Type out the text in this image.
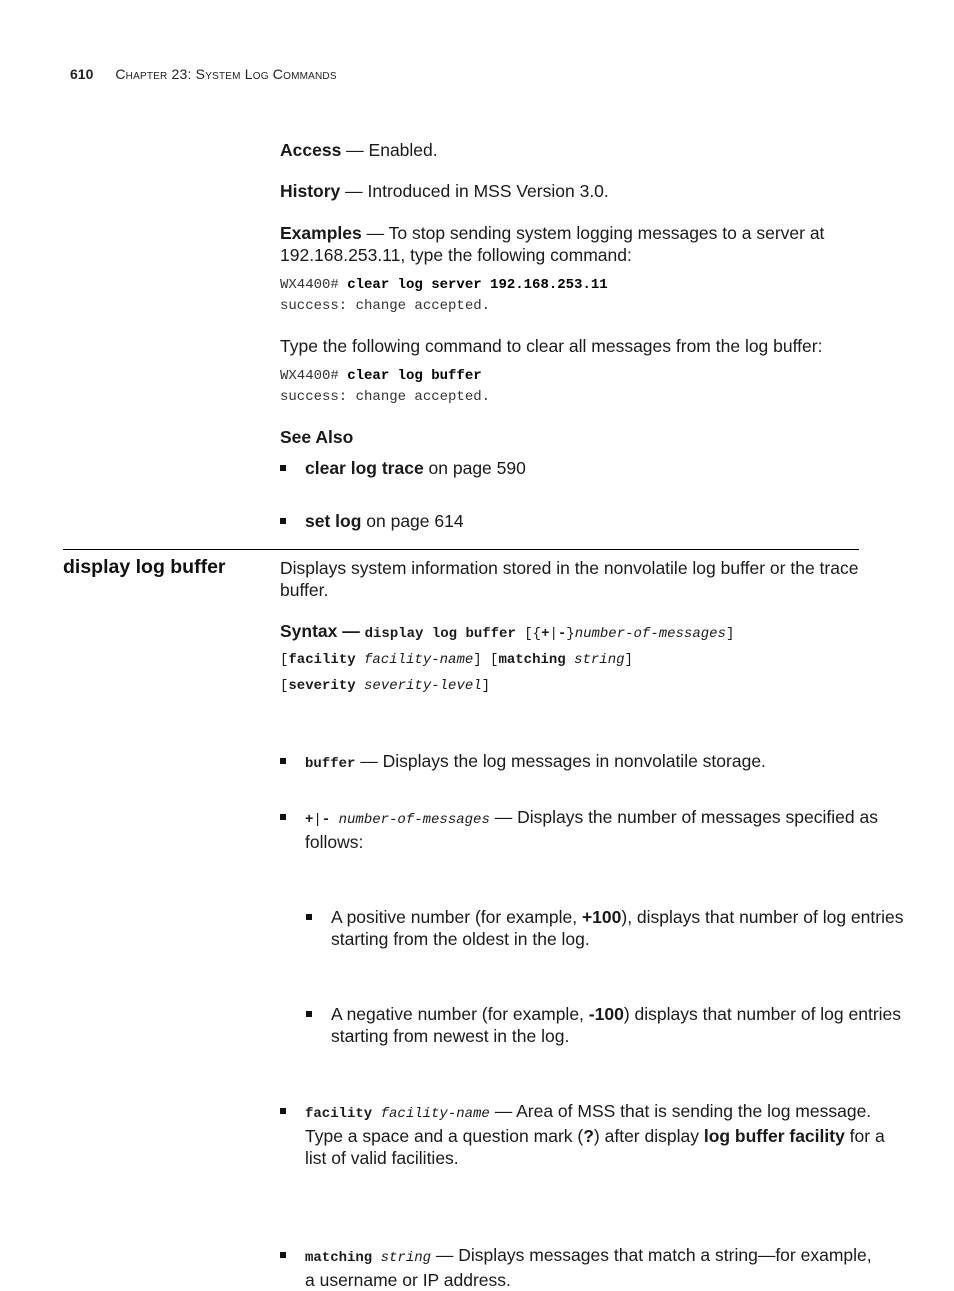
610 Chapter 23: System Log Commands
Access — Enabled.
History — Introduced in MSS Version 3.0.
Examples — To stop sending system logging messages to a server at 192.168.253.11, type the following command:
WX4400# clear log server 192.168.253.11
success: change accepted.
Type the following command to clear all messages from the log buffer:
WX4400# clear log buffer
success: change accepted.
See Also
clear log trace on page 590
set log on page 614
display log buffer	Displays system information stored in the nonvolatile log buffer or the trace buffer.
Syntax — display log buffer [{+|-}number-of-messages]
[facility facility-name] [matching string]
[severity severity-level]
buffer — Displays the log messages in nonvolatile storage.
+|- number-of-messages — Displays the number of messages specified as follows:
A positive number (for example, +100), displays that number of log entries starting from the oldest in the log.
A negative number (for example, -100) displays that number of log entries starting from newest in the log.
facility facility-name — Area of MSS that is sending the log message. Type a space and a question mark (?) after display log buffer facility for a list of valid facilities.
matching string — Displays messages that match a string—for example, a username or IP address.
